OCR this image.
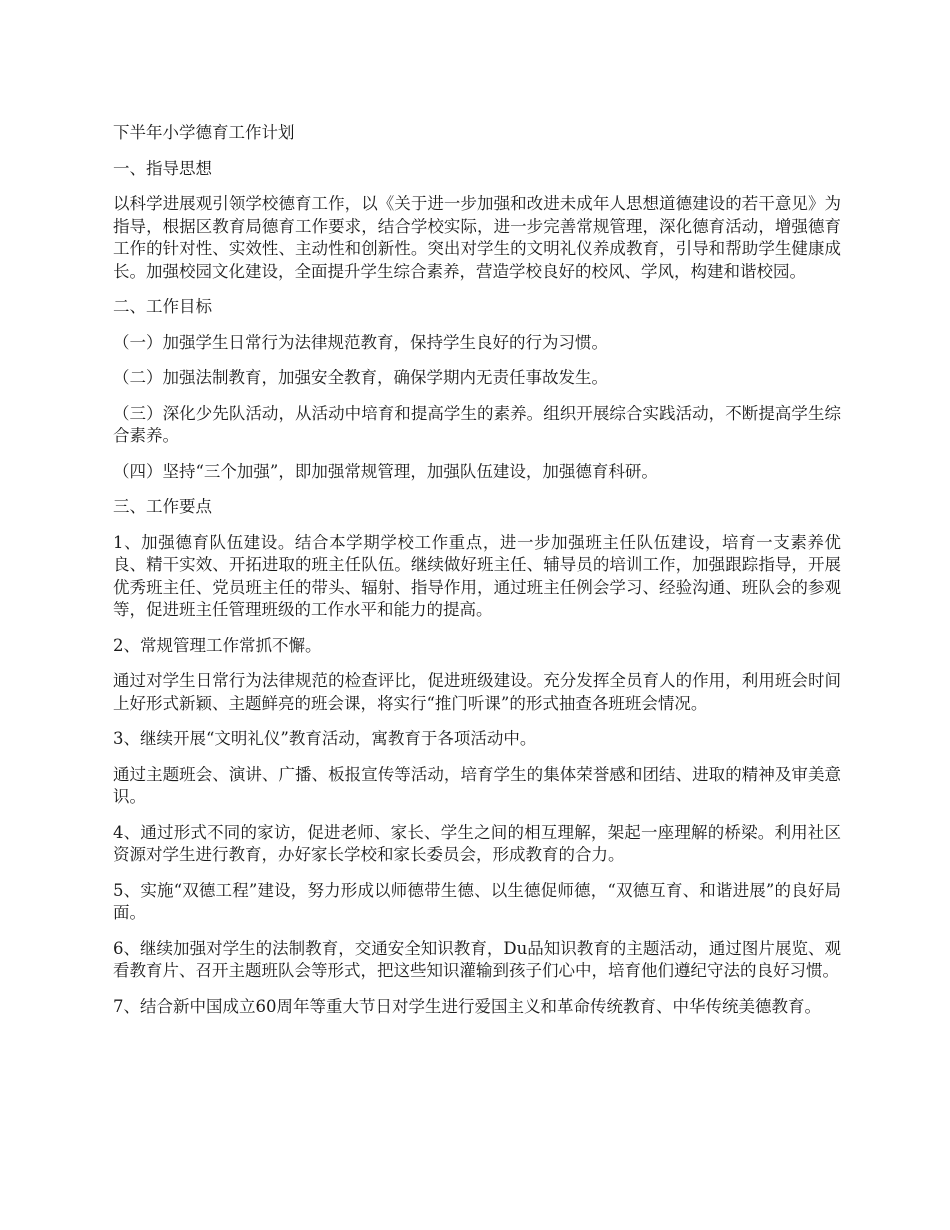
下半年小学德育工作计划

一、指导思想

以科学进展观引领学校德育工作，以《关于进一步加强和改进未成年人思想道德建设的若干意见》为指导，根据区教育局德育工作要求，结合学校实际，进一步完善常规管理，深化德育活动，增强德育工作的针对性、实效性、主动性和创新性。突出对学生的文明礼仪养成教育，引导和帮助学生健康成长。加强校园文化建设，全面提升学生综合素养，营造学校良好的校风、学风，构建和谐校园。

二、工作目标

（一）加强学生日常行为法律规范教育，保持学生良好的行为习惯。

（二）加强法制教育，加强安全教育，确保学期内无责任事故发生。

（三）深化少先队活动，从活动中培育和提高学生的素养。组织开展综合实践活动，不断提高学生综合素养。

（四）坚持“三个加强”，即加强常规管理，加强队伍建设，加强德育科研。

三、工作要点

1、加强德育队伍建设。结合本学期学校工作重点，进一步加强班主任队伍建设，培育一支素养优良、精干实效、开拓进取的班主任队伍。继续做好班主任、辅导员的培训工作，加强跟踪指导，开展优秀班主任、党员班主任的带头、辐射、指导作用，通过班主任例会学习、经验沟通、班队会的参观等，促进班主任管理班级的工作水平和能力的提高。

2、常规管理工作常抓不懈。

通过对学生日常行为法律规范的检查评比，促进班级建设。充分发挥全员育人的作用，利用班会时间上好形式新颖、主题鲜亮的班会课，将实行“推门听课”的形式抽查各班班会情况。

3、继续开展“文明礼仪”教育活动，寓教育于各项活动中。

通过主题班会、演讲、广播、板报宣传等活动，培育学生的集体荣誉感和团结、进取的精神及审美意识。

4、通过形式不同的家访，促进老师、家长、学生之间的相互理解，架起一座理解的桥梁。利用社区资源对学生进行教育，办好家长学校和家长委员会，形成教育的合力。

5、实施“双德工程”建设，努力形成以师德带生德、以生德促师德，“双德互育、和谐进展”的良好局面。

6、继续加强对学生的法制教育，交通安全知识教育，Du品知识教育的主题活动，通过图片展览、观看教育片、召开主题班队会等形式，把这些知识灌输到孩子们心中，培育他们遵纪守法的良好习惯。

7、结合新中国成立60周年等重大节日对学生进行爱国主义和革命传统教育、中华传统美德教育。
